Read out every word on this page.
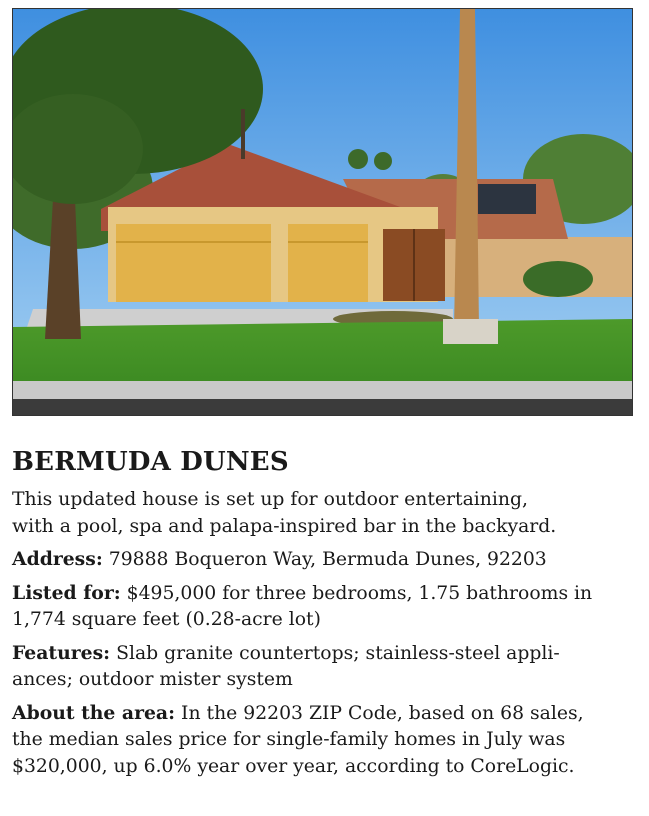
BERMUDA DUNES

This updated house is set up for outdoor entertaining,
with a pool, spa and palapa-inspired bar in the backyard.

Address: 79888 Boqueron Way, Bermuda Dunes, 92203

Listed for: $495,000 for three bedrooms, 1.75 bathrooms in
1,774 square feet (0.28-acre lot)

Features: Slab granite countertops; stainless-steel appli-
ances; outdoor mister system

About the area: In the 92203 ZIP Code, based on 68 sales,
the median sales price for single-family homes in July was
$320,000, up 6.0% year over year, according to CoreLogic.
